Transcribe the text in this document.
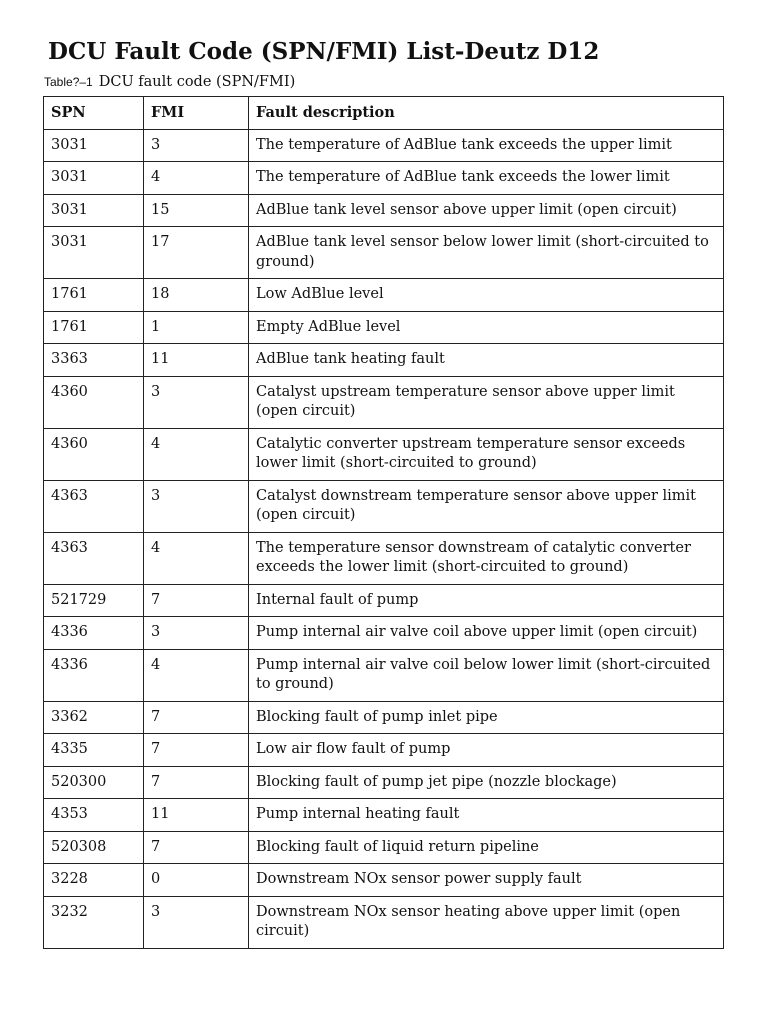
DCU Fault Code (SPN/FMI) List-Deutz D12
Table?–1 DCU fault code (SPN/FMI)
SPN	FMI	Fault description
3031	3	The temperature of AdBlue tank exceeds the upper limit
3031	4	The temperature of AdBlue tank exceeds the lower limit
3031	15	AdBlue tank level sensor above upper limit (open circuit)
3031	17	AdBlue tank level sensor below lower limit (short-circuited to ground)
1761	18	Low AdBlue level
1761	1	Empty AdBlue level
3363	11	AdBlue tank heating fault
4360	3	Catalyst upstream temperature sensor above upper limit (open circuit)
4360	4	Catalytic converter upstream temperature sensor exceeds lower limit (short-circuited to ground)
4363	3	Catalyst downstream temperature sensor above upper limit (open circuit)
4363	4	The temperature sensor downstream of catalytic converter exceeds the lower limit (short-circuited to ground)
521729	7	Internal fault of pump
4336	3	Pump internal air valve coil above upper limit (open circuit)
4336	4	Pump internal air valve coil below lower limit (short-circuited to ground)
3362	7	Blocking fault of pump inlet pipe
4335	7	Low air flow fault of pump
520300	7	Blocking fault of pump jet pipe (nozzle blockage)
4353	11	Pump internal heating fault
520308	7	Blocking fault of liquid return pipeline
3228	0	Downstream NOx sensor power supply fault
3232	3	Downstream NOx sensor heating above upper limit (open circuit)
